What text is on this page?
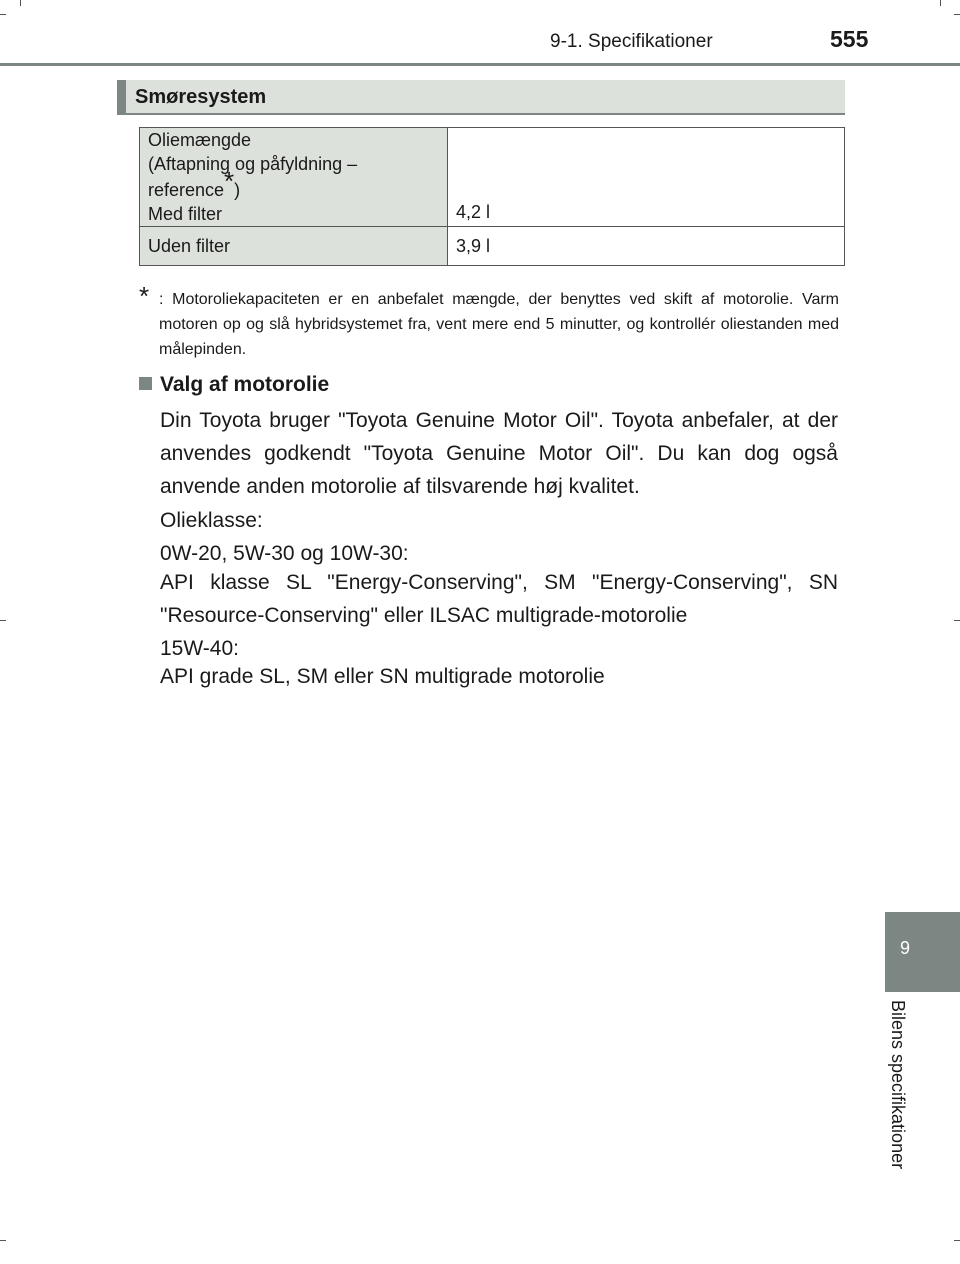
9-1. Specifikationer	555
Smøresystem
Oliemængde
(Aftapning og påfyldning –
reference*)
Med filter	4,2 l

Uden filter	3,9 l
* : Motoroliekapaciteten er en anbefalet mængde, der benyttes ved skift af motorolie. Varm motoren op og slå hybridsystemet fra, vent mere end 5 minutter, og kontrollér oliestanden med målepinden.
Valg af motorolie
Din Toyota bruger "Toyota Genuine Motor Oil". Toyota anbefaler, at der anvendes godkendt "Toyota Genuine Motor Oil". Du kan dog også anvende anden motorolie af tilsvarende høj kvalitet.
Olieklasse:
0W-20, 5W-30 og 10W-30:
API klasse SL "Energy-Conserving", SM "Energy-Conserving", SN "Resource-Conserving" eller ILSAC multigrade-motorolie
15W-40:
API grade SL, SM eller SN multigrade motorolie
9
Bilens specifikationer
